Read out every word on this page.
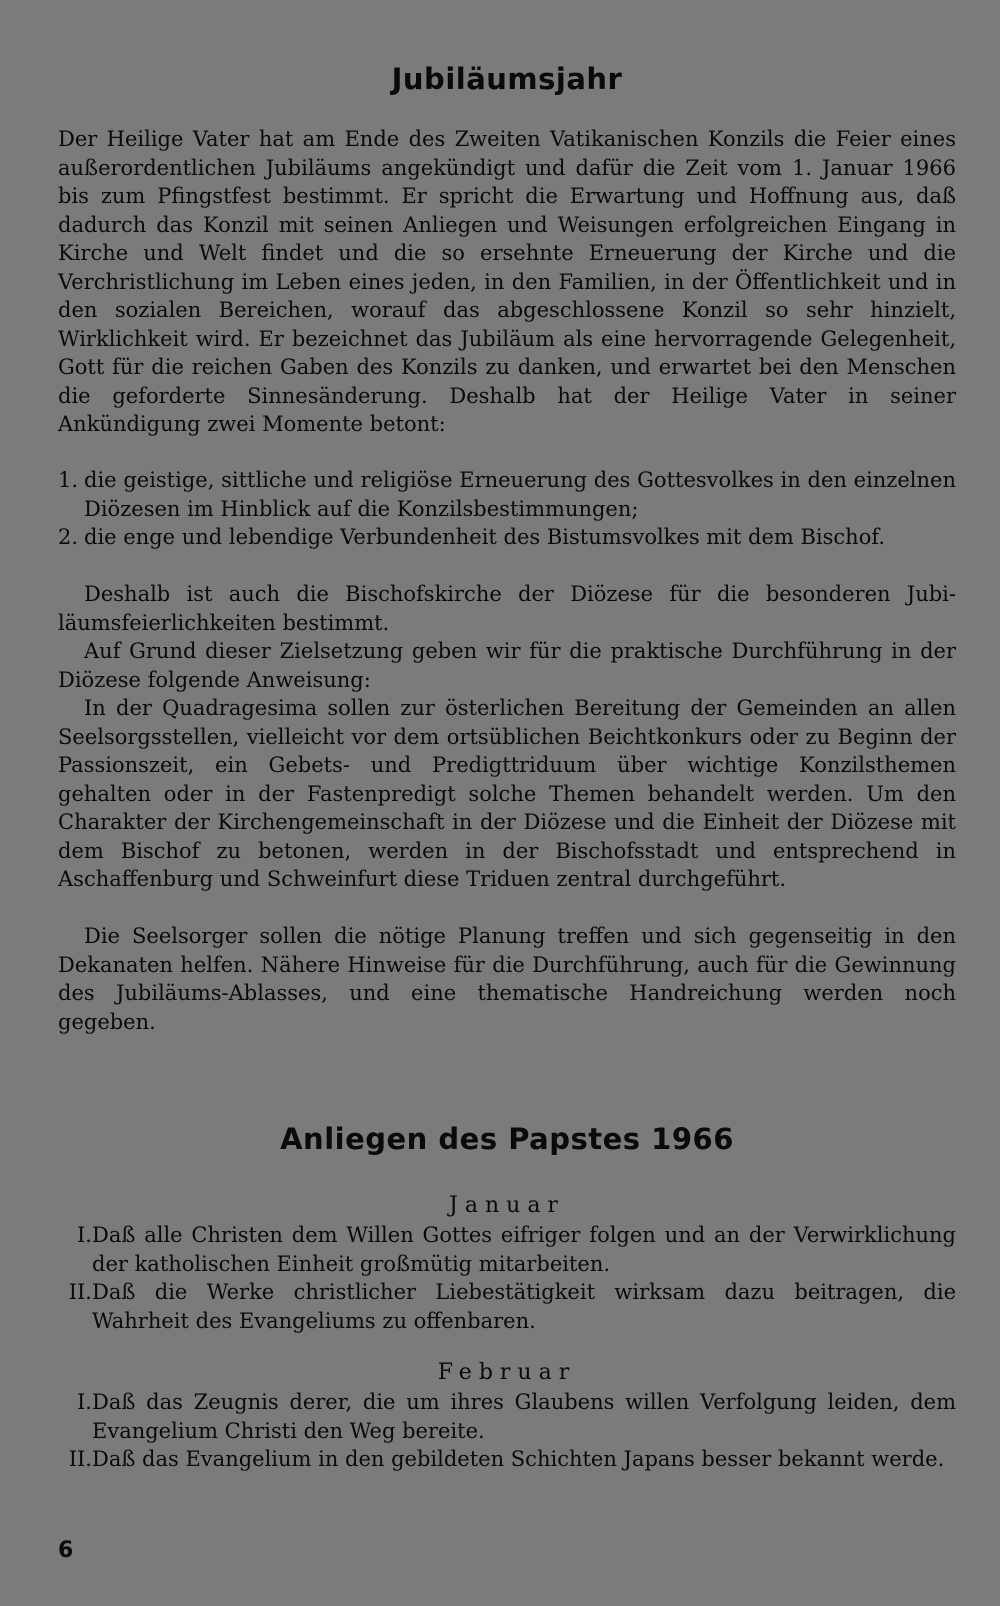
Jubiläumsjahr

Der Heilige Vater hat am Ende des Zweiten Vatikanischen Konzils die Feier eines außerordentlichen Jubiläums angekündigt und dafür die Zeit vom 1. Januar 1966 bis zum Pfingstfest bestimmt. Er spricht die Erwartung und Hoffnung aus, daß dadurch das Konzil mit seinen Anliegen und Weisungen erfolgreichen Eingang in Kirche und Welt findet und die so ersehnte Erneuerung der Kirche und die Verchristlichung im Leben eines jeden, in den Familien, in der Öffentlichkeit und in den sozialen Bereichen, worauf das abgeschlossene Konzil so sehr hinzielt, Wirklichkeit wird. Er bezeichnet das Jubiläum als eine hervorragende Gelegenheit, Gott für die reichen Gaben des Konzils zu danken, und erwartet bei den Menschen die geforderte Sinnesänderung. Deshalb hat der Heilige Vater in seiner Ankündigung zwei Momente betont:

1. die geistige, sittliche und religiöse Erneuerung des Gottesvolkes in den einzelnen Diözesen im Hinblick auf die Konzilsbestimmungen;
2. die enge und lebendige Verbundenheit des Bistumsvolkes mit dem Bischof.

Deshalb ist auch die Bischofskirche der Diözese für die besonderen Jubiläumsfeierlichkeiten bestimmt.

Auf Grund dieser Zielsetzung geben wir für die praktische Durchführung in der Diözese folgende Anweisung:

In der Quadragesima sollen zur österlichen Bereitung der Gemeinden an allen Seelsorgsstellen, vielleicht vor dem ortsüblichen Beichtkonkurs oder zu Beginn der Passionszeit, ein Gebets- und Predigttriduum über wichtige Konzilsthemen gehalten oder in der Fastenpredigt solche Themen behandelt werden. Um den Charakter der Kirchengemeinschaft in der Diözese und die Einheit der Diözese mit dem Bischof zu betonen, werden in der Bischofsstadt und entsprechend in Aschaffenburg und Schweinfurt diese Triduen zentral durchgeführt.

Die Seelsorger sollen die nötige Planung treffen und sich gegenseitig in den Dekanaten helfen. Nähere Hinweise für die Durchführung, auch für die Gewinnung des Jubiläums-Ablasses, und eine thematische Handreichung werden noch gegeben.

Anliegen des Papstes 1966

Januar

I. Daß alle Christen dem Willen Gottes eifriger folgen und an der Verwirklichung der katholischen Einheit großmütig mitarbeiten.
II. Daß die Werke christlicher Liebestätigkeit wirksam dazu beitragen, die Wahrheit des Evangeliums zu offenbaren.

Februar

I. Daß das Zeugnis derer, die um ihres Glaubens willen Verfolgung leiden, dem Evangelium Christi den Weg bereite.
II. Daß das Evangelium in den gebildeten Schichten Japans besser bekannt werde.
6
